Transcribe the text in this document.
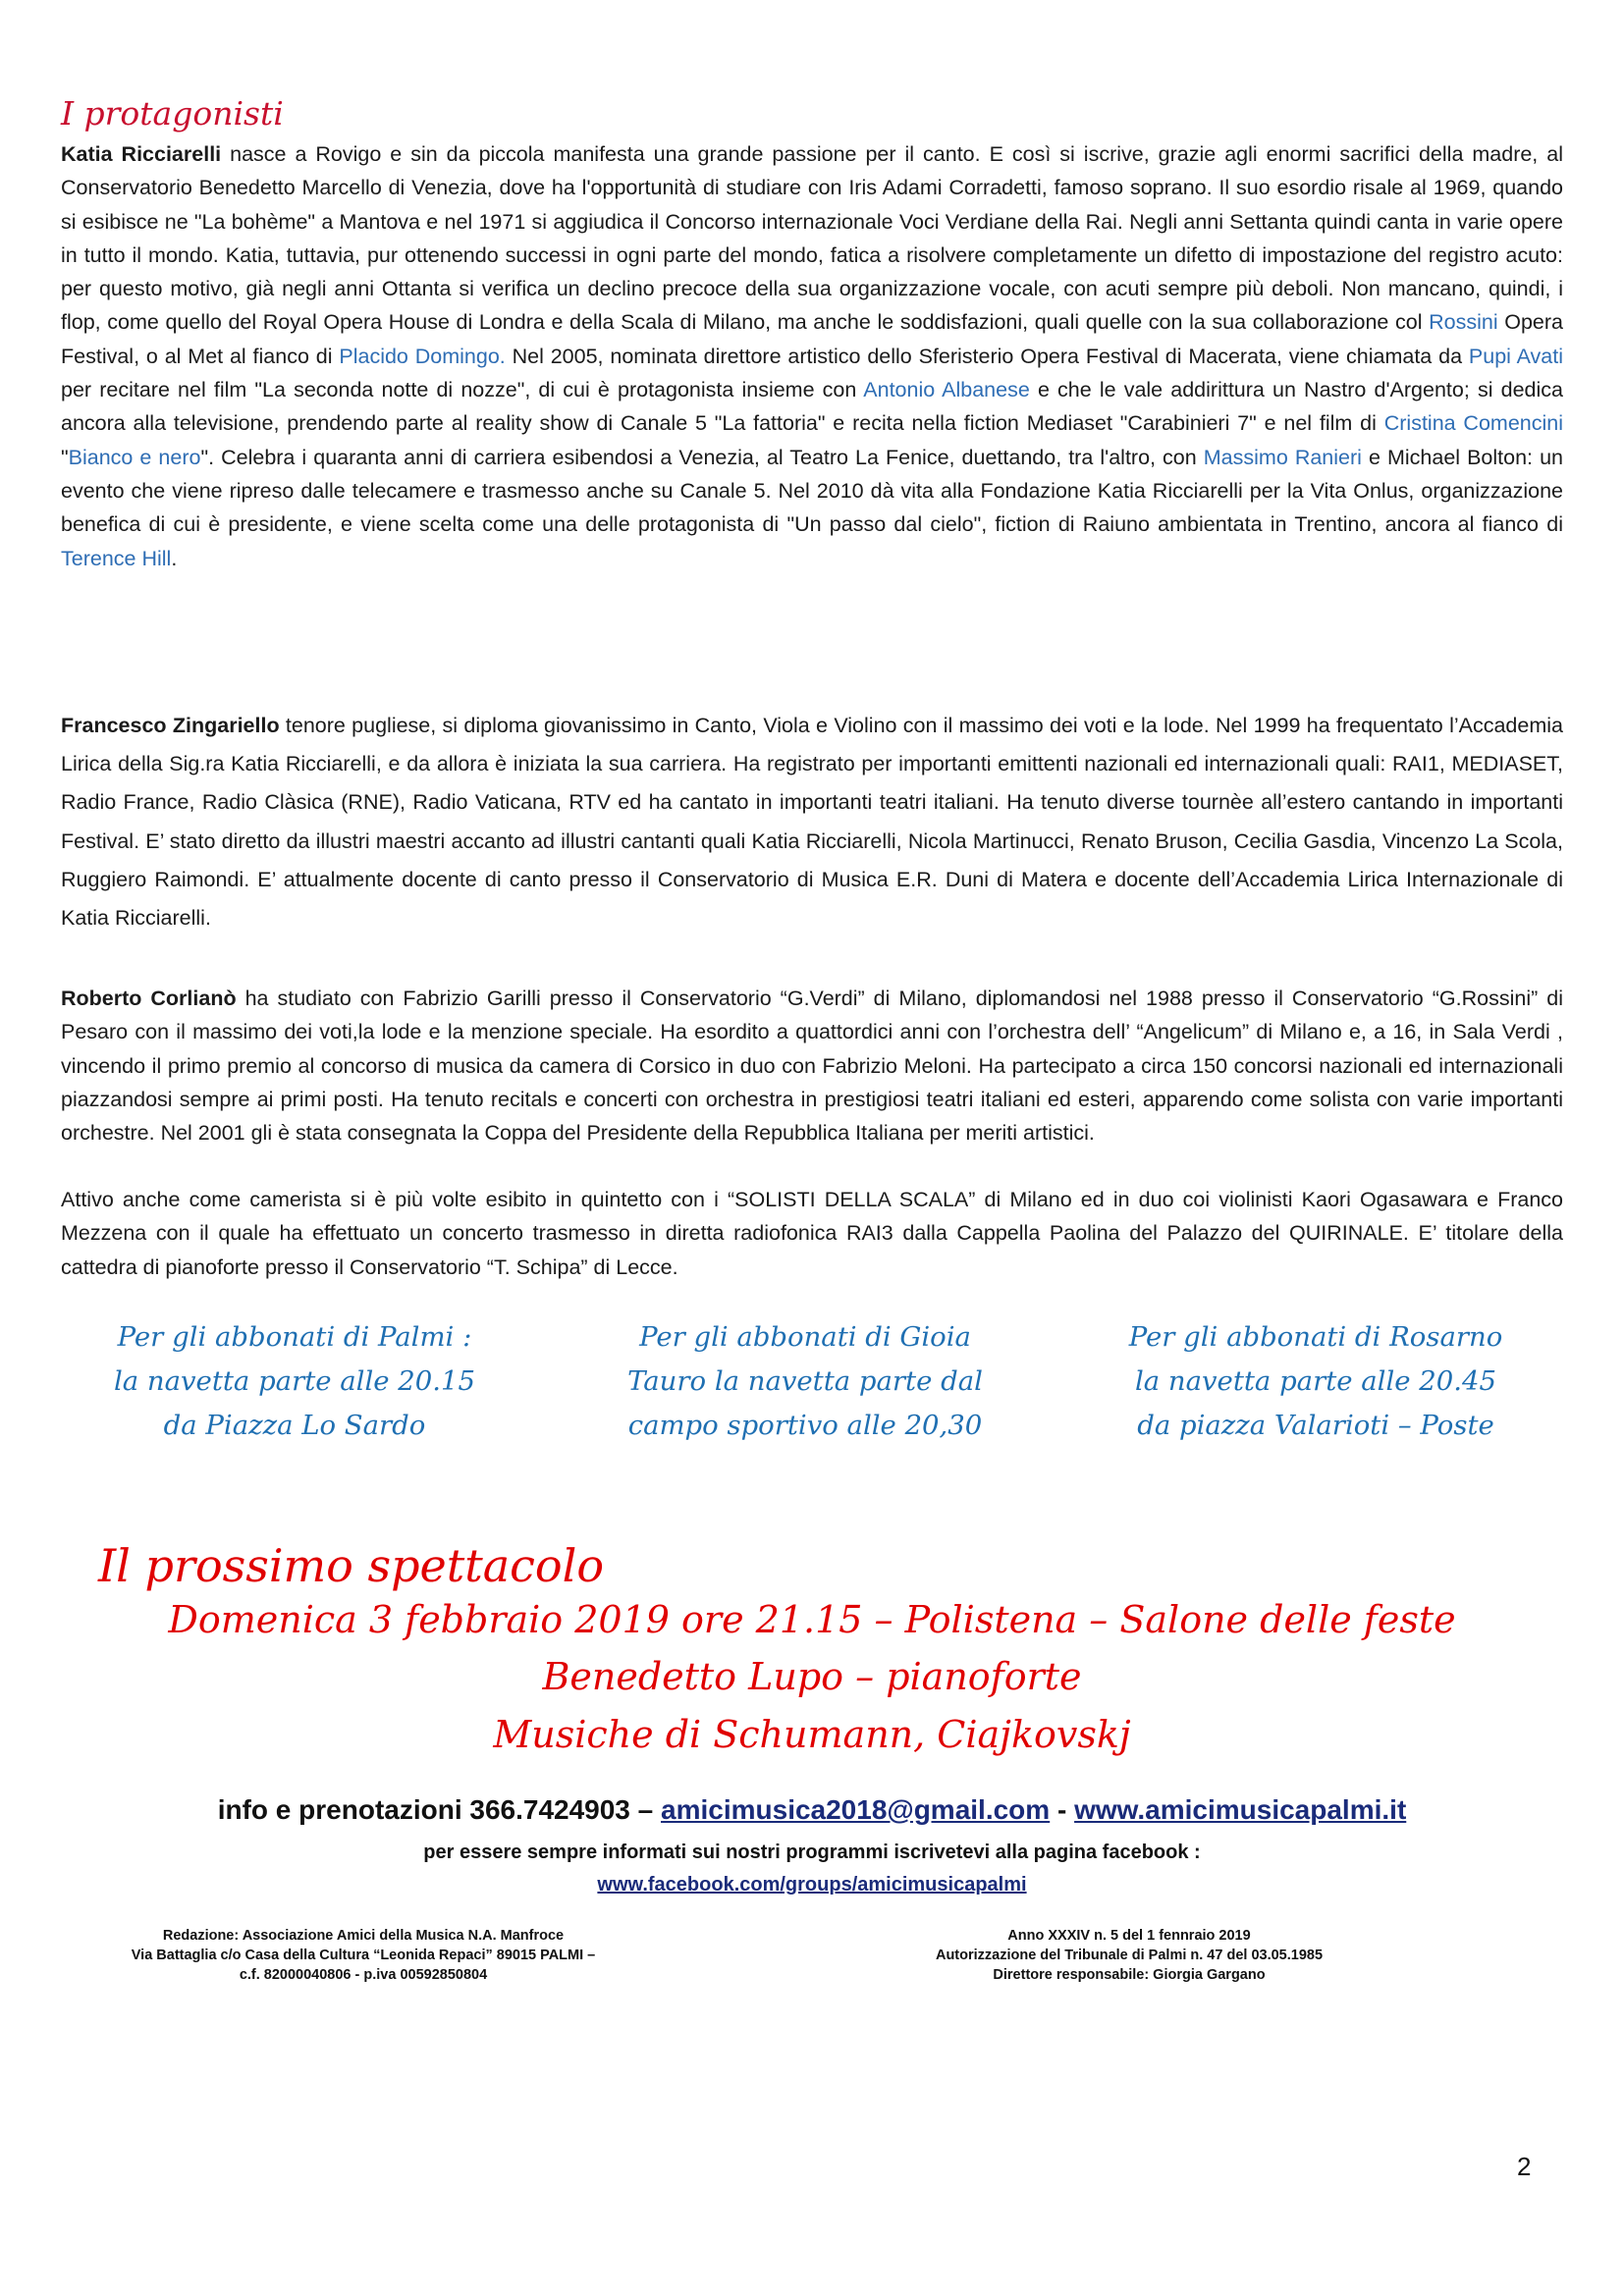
I protagonisti

Katia Ricciarelli nasce a Rovigo e sin da piccola manifesta una grande passione per il canto. E così si iscrive, grazie agli enormi sacrifici della madre, al Conservatorio Benedetto Marcello di Venezia, dove ha l'opportunità di studiare con Iris Adami Corradetti, famoso soprano. Il suo esordio risale al 1969, quando si esibisce ne "La bohème" a Mantova e nel 1971 si aggiudica il Concorso internazionale Voci Verdiane della Rai. Negli anni Settanta quindi canta in varie opere in tutto il mondo. Katia, tuttavia, pur ottenendo successi in ogni parte del mondo, fatica a risolvere completamente un difetto di impostazione del registro acuto: per questo motivo, già negli anni Ottanta si verifica un declino precoce della sua organizzazione vocale, con acuti sempre più deboli. Non mancano, quindi, i flop, come quello del Royal Opera House di Londra e della Scala di Milano, ma anche le soddisfazioni, quali quelle con la sua collaborazione col Rossini Opera Festival, o al Met al fianco di Placido Domingo. Nel 2005, nominata direttore artistico dello Sferisterio Opera Festival di Macerata, viene chiamata da Pupi Avati per recitare nel film "La seconda notte di nozze", di cui è protagonista insieme con Antonio Albanese e che le vale addirittura un Nastro d'Argento; si dedica ancora alla televisione, prendendo parte al reality show di Canale 5 "La fattoria" e recita nella fiction Mediaset "Carabinieri 7" e nel film di Cristina Comencini "Bianco e nero". Celebra i quaranta anni di carriera esibendosi a Venezia, al Teatro La Fenice, duettando, tra l'altro, con Massimo Ranieri e Michael Bolton: un evento che viene ripreso dalle telecamere e trasmesso anche su Canale 5. Nel 2010 dà vita alla Fondazione Katia Ricciarelli per la Vita Onlus, organizzazione benefica di cui è presidente, e viene scelta come una delle protagonista di "Un passo dal cielo", fiction di Raiuno ambientata in Trentino, ancora al fianco di Terence Hill.

Francesco Zingariello tenore pugliese, si diploma giovanissimo in Canto, Viola e Violino con il massimo dei voti e la lode. Nel 1999 ha frequentato l’Accademia Lirica della Sig.ra Katia Ricciarelli, e da allora è iniziata la sua carriera. Ha registrato per importanti emittenti nazionali ed internazionali quali: RAI1, MEDIASET, Radio France, Radio Clàsica (RNE), Radio Vaticana, RTV ed ha cantato in importanti teatri italiani. Ha tenuto diverse tournèe all’estero cantando in importanti Festival. E’ stato diretto da illustri maestri accanto ad illustri cantanti quali Katia Ricciarelli, Nicola Martinucci, Renato Bruson, Cecilia Gasdia, Vincenzo La Scola, Ruggiero Raimondi. E’ attualmente docente di canto presso il Conservatorio di Musica E.R. Duni di Matera e docente dell’Accademia Lirica Internazionale di Katia Ricciarelli.

Roberto Corlianò ha studiato con Fabrizio Garilli presso il Conservatorio “G.Verdi” di Milano, diplomandosi nel 1988 presso il Conservatorio “G.Rossini” di Pesaro con il massimo dei voti,la lode e la menzione speciale. Ha esordito a quattordici anni con l’orchestra dell’ “Angelicum” di Milano e, a 16, in Sala Verdi , vincendo il primo premio al concorso di musica da camera di Corsico in duo con Fabrizio Meloni. Ha partecipato a circa 150 concorsi nazionali ed internazionali piazzandosi sempre ai primi posti. Ha tenuto recitals e concerti con orchestra in prestigiosi teatri italiani ed esteri, apparendo come solista con varie importanti orchestre. Nel 2001 gli è stata consegnata la Coppa del Presidente della Repubblica Italiana per meriti artistici.

Attivo anche come camerista si è più volte esibito in quintetto con i “SOLISTI DELLA SCALA” di Milano ed in duo coi violinisti Kaori Ogasawara e Franco Mezzena con il quale ha effettuato un concerto trasmesso in diretta radiofonica RAI3 dalla Cappella Paolina del Palazzo del QUIRINALE. E’ titolare della cattedra di pianoforte presso il Conservatorio “T. Schipa” di Lecce.

Per gli abbonati di Palmi :
la navetta parte alle 20.15
da Piazza Lo Sardo

Per gli abbonati di Gioia
Tauro la navetta parte dal
campo sportivo alle 20,30

Per gli abbonati di Rosarno
la navetta parte alle 20.45
da piazza Valarioti – Poste

Il prossimo spettacolo
Domenica 3 febbraio 2019 ore 21.15 – Polistena – Salone delle feste
Benedetto Lupo – pianoforte
Musiche di Schumann, Ciajkovskj
info e prenotazioni 366.7424903 – amicimusica2018@gmail.com - www.amicimusicapalmi.it
per essere sempre informati sui nostri programmi iscrivetevi alla pagina facebook :
www.facebook.com/groups/amicimusicapalmi

Redazione: Associazione Amici della Musica N.A. Manfroce
Via Battaglia c/o Casa della Cultura “Leonida Repaci” 89015 PALMI –
c.f. 82000040806 - p.iva 00592850804

Anno XXXIV n. 5 del 1 fennraio 2019
Autorizzazione del Tribunale di Palmi n. 47 del 03.05.1985
Direttore responsabile: Giorgia Gargano

2
